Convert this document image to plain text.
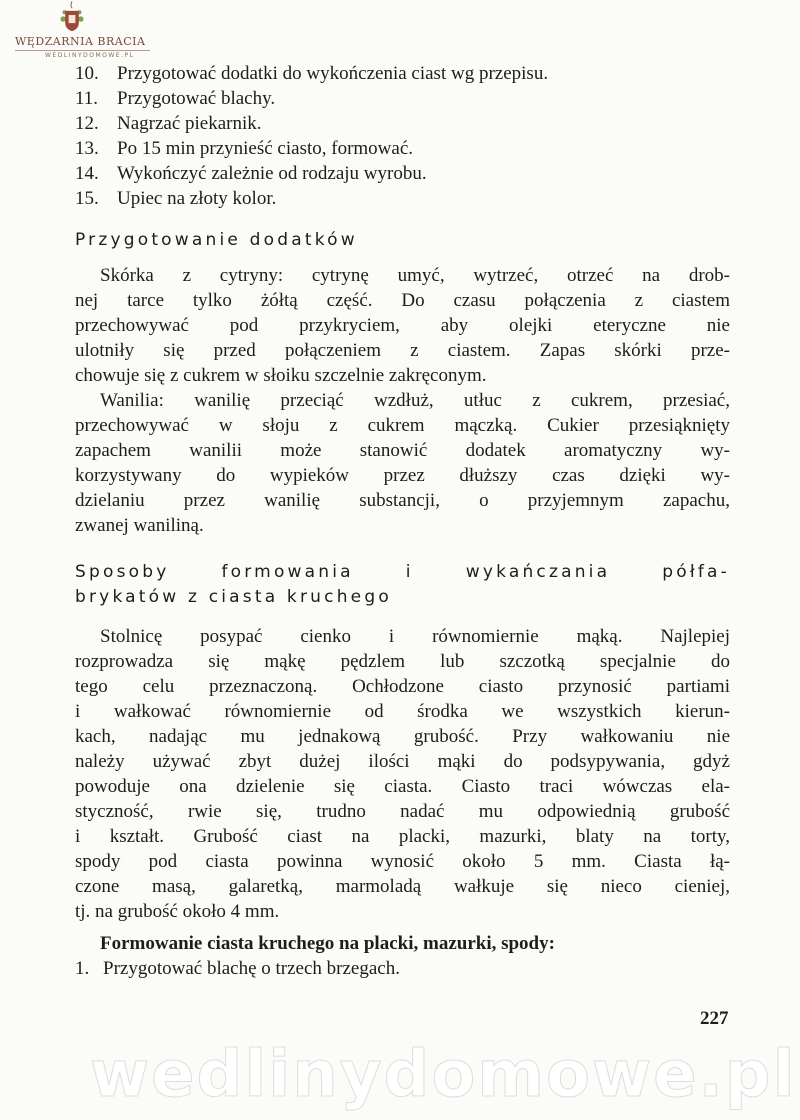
WĘDZARNIA BRACIA
WEDLINYDOMOWE.PL
10. Przygotować dodatki do wykończenia ciast wg przepisu.
11. Przygotować blachy.
12. Nagrzać piekarnik.
13. Po 15 min przynieść ciasto, formować.
14. Wykończyć zależnie od rodzaju wyrobu.
15. Upiec na złoty kolor.
Przygotowanie dodatków
Skórka z cytryny: cytrynę umyć, wytrzeć, otrzeć na drob-
nej tarce tylko żółtą część. Do czasu połączenia z ciastem
przechowywać pod przykryciem, aby olejki eteryczne nie
ulotniły się przed połączeniem z ciastem. Zapas skórki prze-
chowuje się z cukrem w słoiku szczelnie zakręconym.
Wanilia: wanilię przeciąć wzdłuż, utłuc z cukrem, przesiać,
przechowywać w słoju z cukrem mączką. Cukier przesiąknięty
zapachem wanilii może stanowić dodatek aromatyczny wy-
korzystywany do wypieków przez dłuższy czas dzięki wy-
dzielaniu przez wanilię substancji, o przyjemnym zapachu,
zwanej waniliną.
Sposoby formowania i wykańczania półfa-
brykatów z ciasta kruchego
Stolnicę posypać cienko i równomiernie mąką. Najlepiej
rozprowadza się mąkę pędzlem lub szczotką specjalnie do
tego celu przeznaczoną. Ochłodzone ciasto przynosić partiami
i wałkować równomiernie od środka we wszystkich kierun-
kach, nadając mu jednakową grubość. Przy wałkowaniu nie
należy używać zbyt dużej ilości mąki do podsypywania, gdyż
powoduje ona dzielenie się ciasta. Ciasto traci wówczas ela-
styczność, rwie się, trudno nadać mu odpowiednią grubość
i kształt. Grubość ciast na placki, mazurki, blaty na torty,
spody pod ciasta powinna wynosić około 5 mm. Ciasta łą-
czone masą, galaretką, marmoladą wałkuje się nieco cieniej,
tj. na grubość około 4 mm.
Formowanie ciasta kruchego na placki, mazurki, spody:
1. Przygotować blachę o trzech brzegach.
227
wedlinydomowe.pl
